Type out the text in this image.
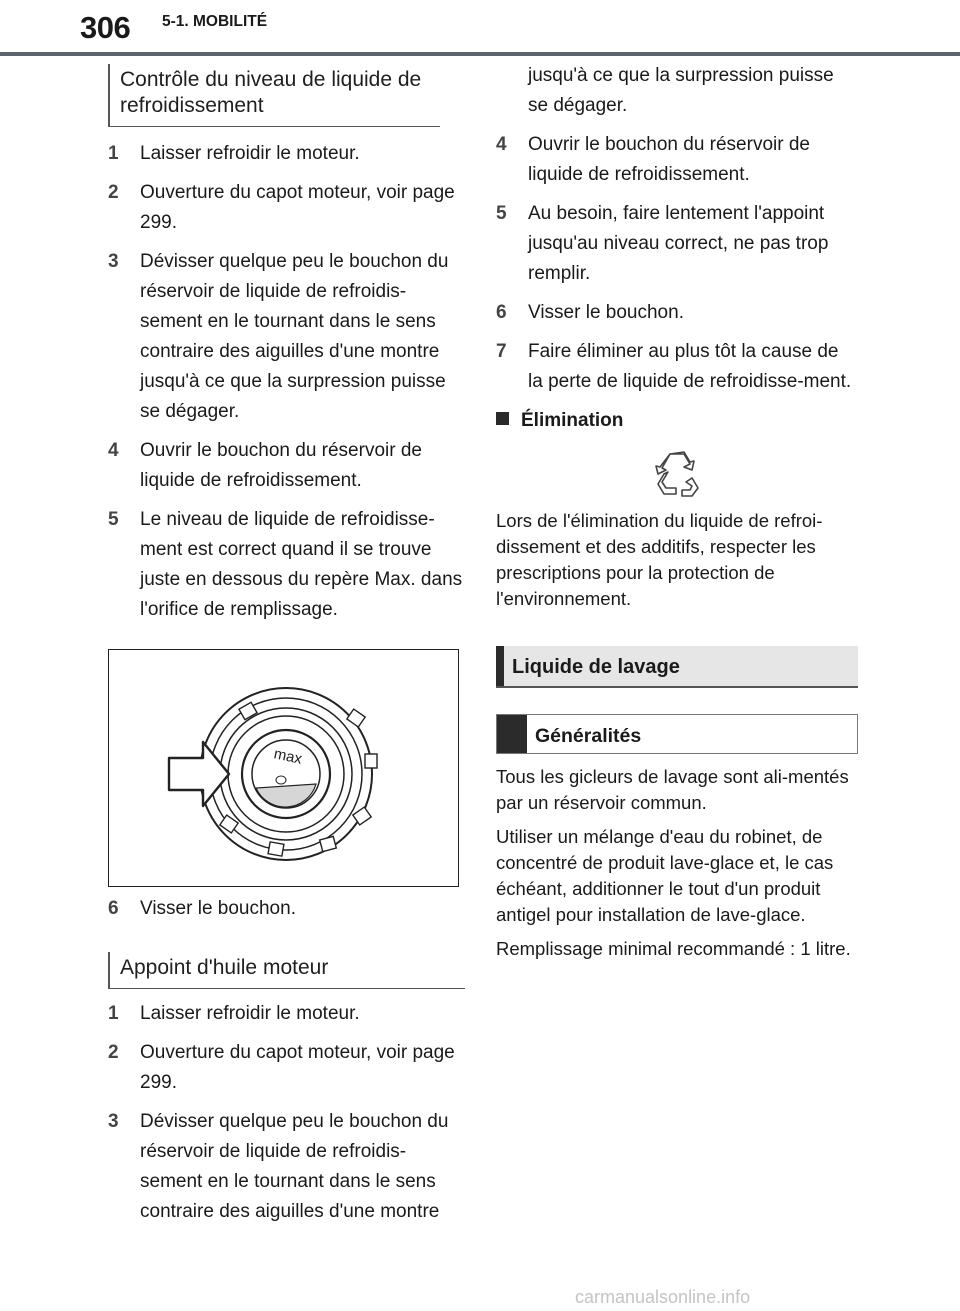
306 5-1. MOBILITÉ
Contrôle du niveau de liquide de refroidissement
1 Laisser refroidir le moteur.
2 Ouverture du capot moteur, voir page 299.
3 Dévisser quelque peu le bouchon du réservoir de liquide de refroidis-sement en le tournant dans le sens contraire des aiguilles d'une montre jusqu'à ce que la surpression puisse se dégager.
4 Ouvrir le bouchon du réservoir de liquide de refroidissement.
5 Le niveau de liquide de refroidisse-ment est correct quand il se trouve juste en dessous du repère Max. dans l'orifice de remplissage.
max
6 Visser le bouchon.
Appoint d'huile moteur
1 Laisser refroidir le moteur.
2 Ouverture du capot moteur, voir page 299.
3 Dévisser quelque peu le bouchon du réservoir de liquide de refroidis-sement en le tournant dans le sens contraire des aiguilles d'une montre
jusqu'à ce que la surpression puisse se dégager.
4 Ouvrir le bouchon du réservoir de liquide de refroidissement.
5 Au besoin, faire lentement l'appoint jusqu'au niveau correct, ne pas trop remplir.
6 Visser le bouchon.
7 Faire éliminer au plus tôt la cause de la perte de liquide de refroidisse-ment.
Élimination

Lors de l'élimination du liquide de refroi-dissement et des additifs, respecter les prescriptions pour la protection de l'environnement.

Liquide de lavage
Généralités

Tous les gicleurs de lavage sont ali-mentés par un réservoir commun.

Utiliser un mélange d'eau du robinet, de concentré de produit lave-glace et, le cas échéant, additionner le tout d'un produit antigel pour installation de lave-glace.

Remplissage minimal recommandé : 1 litre.

carmanualsonline.info
